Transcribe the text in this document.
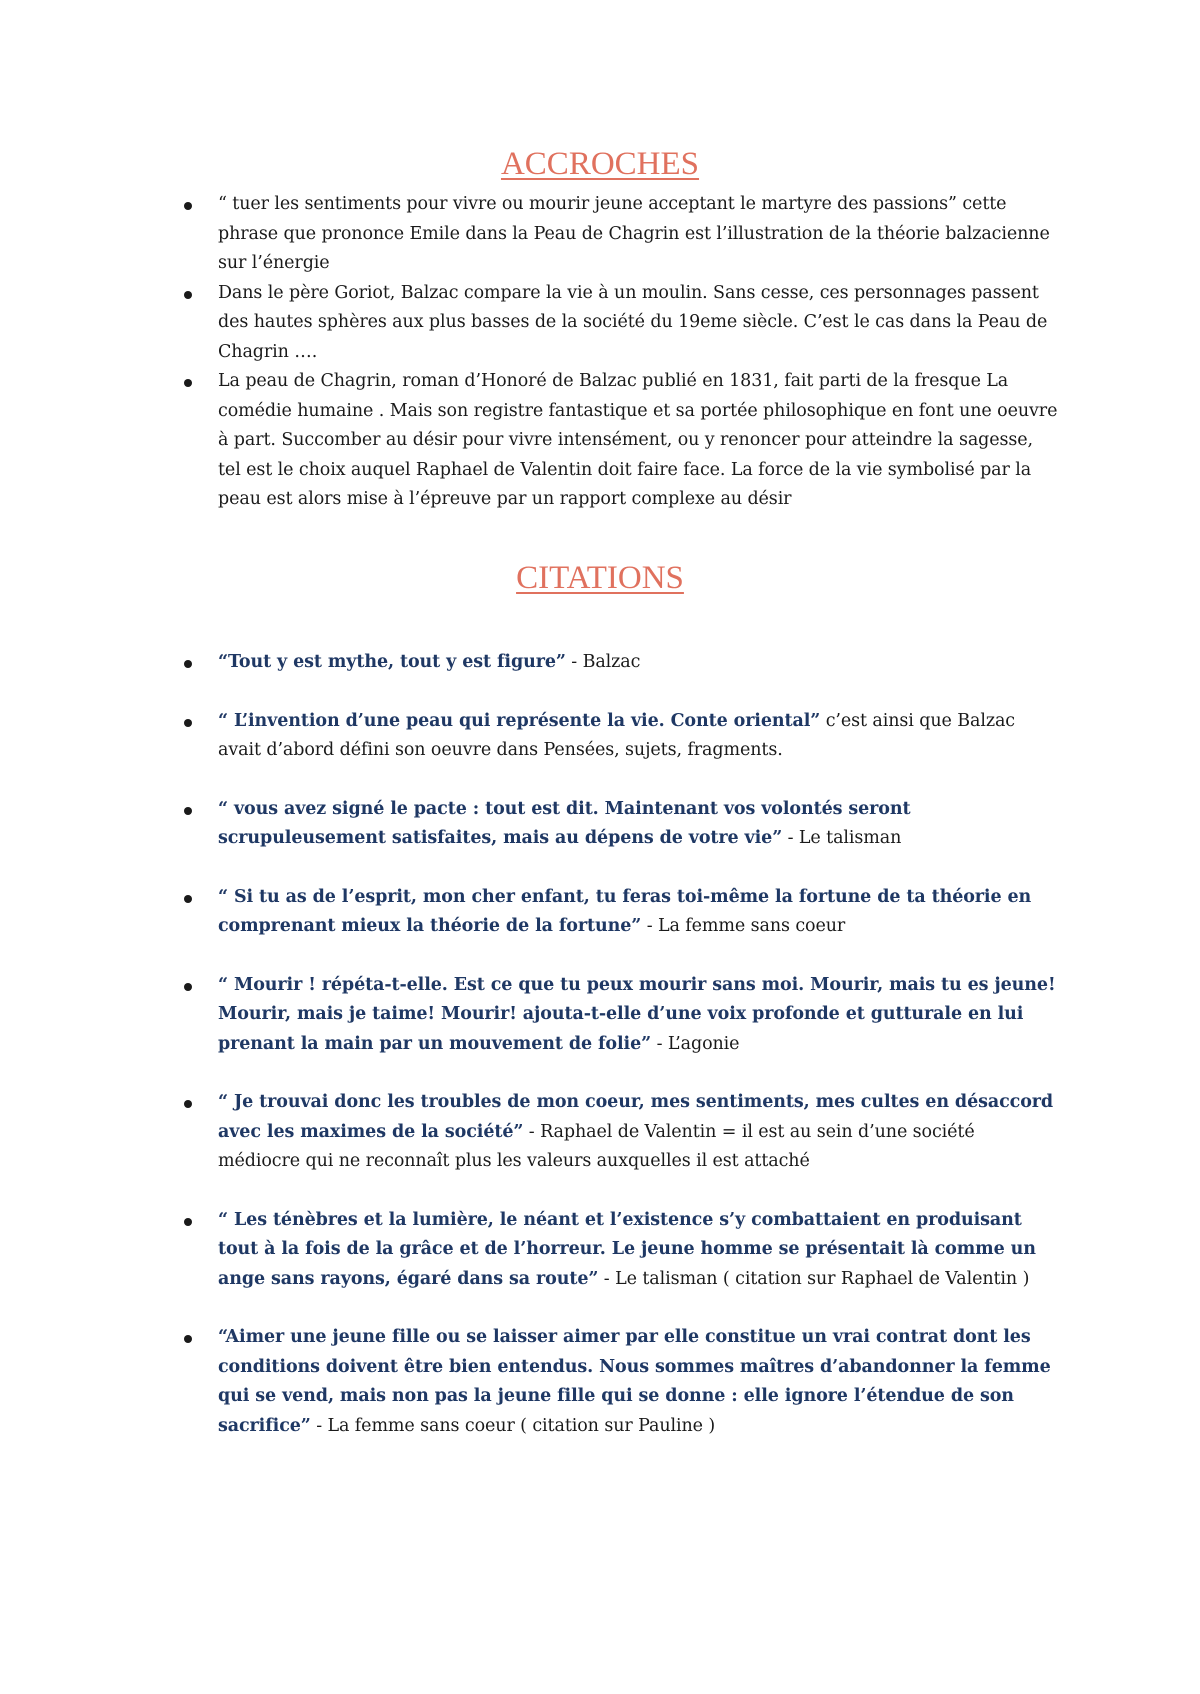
ACCROCHES
“ tuer les sentiments pour vivre ou mourir jeune acceptant le martyre des passions” cette phrase que prononce Emile dans la Peau de Chagrin est l’illustration de la théorie balzacienne sur l’énergie
Dans le père Goriot, Balzac compare la vie à un moulin. Sans cesse, ces personnages passent des hautes sphères aux plus basses de la société du 19eme siècle. C’est le cas dans la Peau de Chagrin ….
La peau de Chagrin, roman d’Honoré de Balzac publié en 1831, fait parti de la fresque La comédie humaine . Mais son registre fantastique et sa portée philosophique en font une oeuvre à part. Succomber au désir pour vivre intensément, ou y renoncer pour atteindre la sagesse, tel est le choix auquel Raphael de Valentin doit faire face. La force de la vie symbolisé par la peau est alors mise à l’épreuve par un rapport complexe au désir
CITATIONS
“Tout y est mythe, tout y est figure” - Balzac
“ L’invention d’une peau qui représente la vie. Conte oriental” c’est ainsi que Balzac avait d’abord défini son oeuvre dans Pensées, sujets, fragments.
“ vous avez signé le pacte : tout est dit. Maintenant vos volontés seront scrupuleusement satisfaites, mais au dépens de votre vie” - Le talisman
“ Si tu as de l’esprit, mon cher enfant, tu feras toi-même la fortune de ta théorie en comprenant mieux la théorie de la fortune” - La femme sans coeur
“ Mourir ! répéta-t-elle. Est ce que tu peux mourir sans moi. Mourir, mais tu es jeune! Mourir, mais je taime! Mourir! ajouta-t-elle d’une voix profonde et gutturale en lui prenant la main par un mouvement de folie” - L’agonie
“ Je trouvai donc les troubles de mon coeur, mes sentiments, mes cultes en désaccord avec les maximes de la société” - Raphael de Valentin = il est au sein d’une société médiocre qui ne reconnaît plus les valeurs auxquelles il est attaché
“ Les ténèbres et la lumière, le néant et l’existence s’y combattaient en produisant tout à la fois de la grâce et de l’horreur. Le jeune homme se présentait là comme un ange sans rayons, égaré dans sa route” - Le talisman ( citation sur Raphael de Valentin )
“Aimer une jeune fille ou se laisser aimer par elle constitue un vrai contrat dont les conditions doivent être bien entendus. Nous sommes maîtres d’abandonner la femme qui se vend, mais non pas la jeune fille qui se donne : elle ignore l’étendue de son sacrifice” - La femme sans coeur ( citation sur Pauline )
